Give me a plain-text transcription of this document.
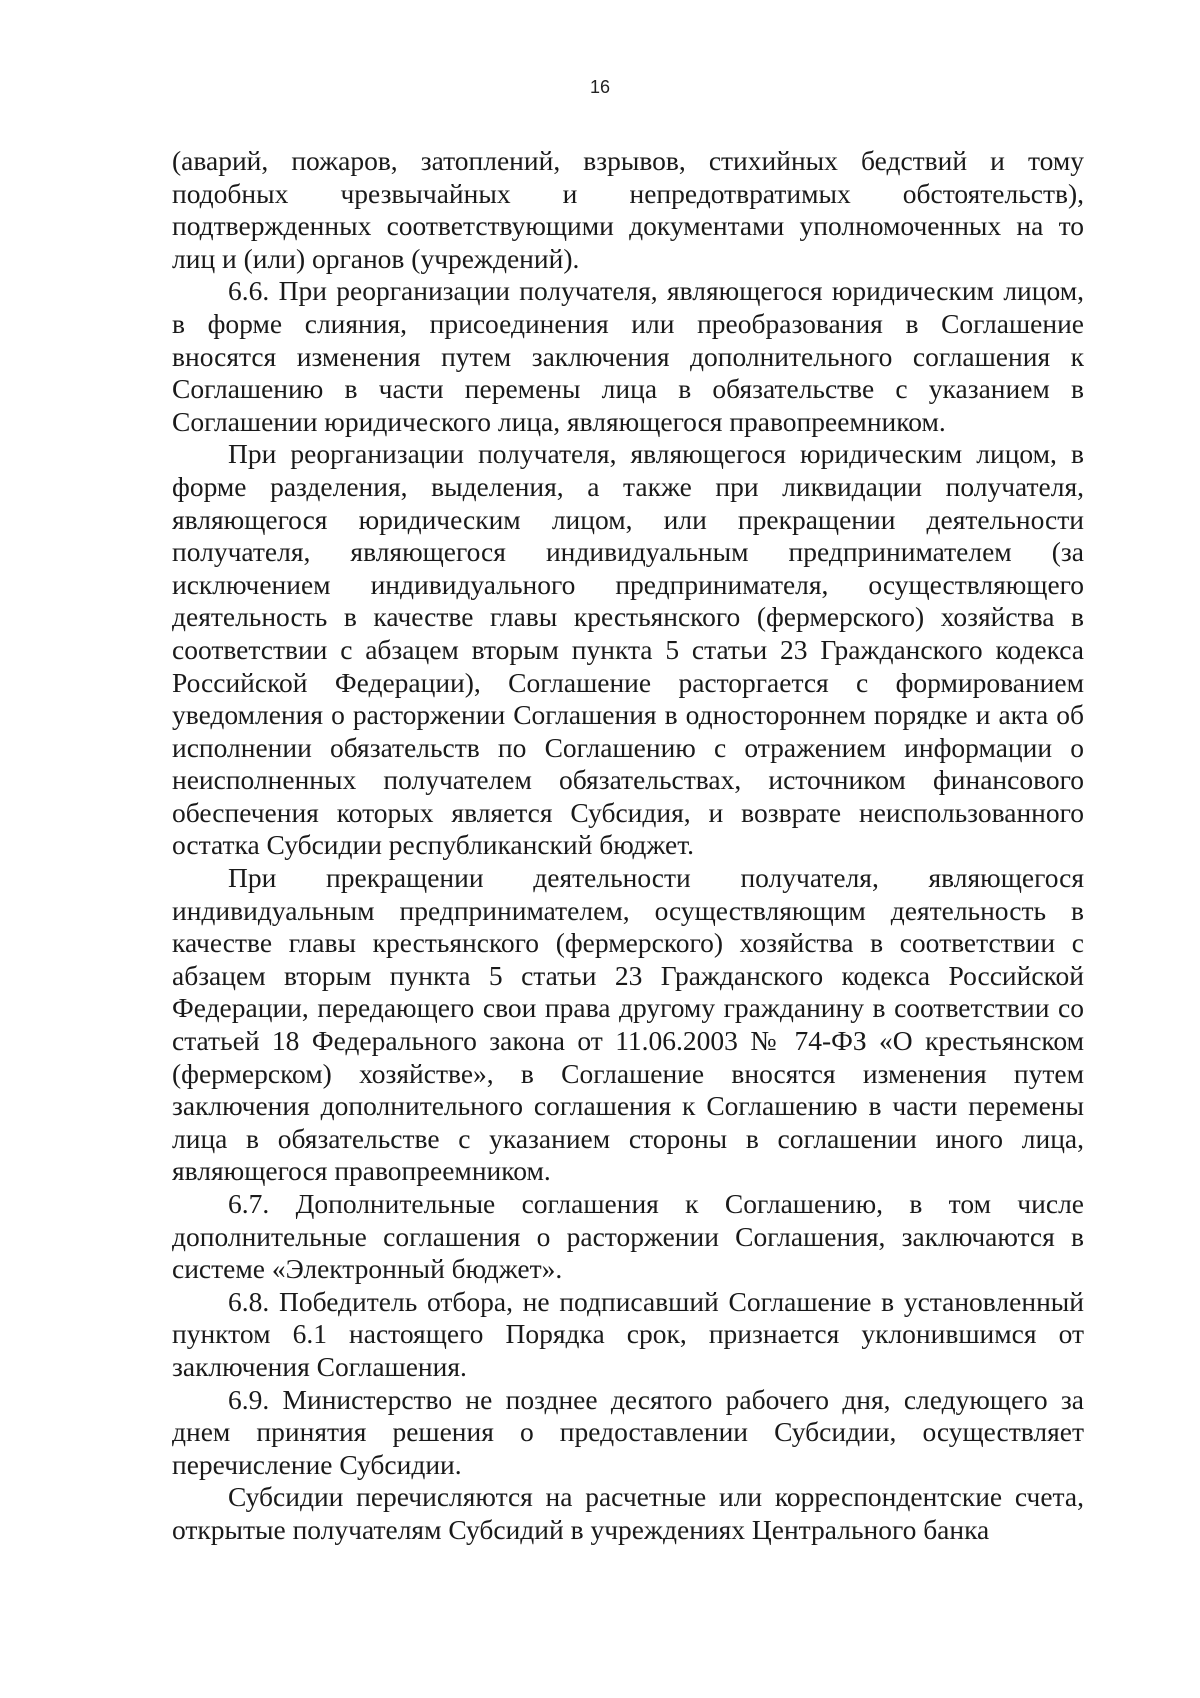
16

(аварий, пожаров, затоплений, взрывов, стихийных бедствий и тому подобных чрезвычайных и непредотвратимых обстоятельств), подтвержденных соответствующими документами уполномоченных на то лиц и (или) органов (учреждений).

6.6. При реорганизации получателя, являющегося юридическим лицом, в форме слияния, присоединения или преобразования в Соглашение вносятся изменения путем заключения дополнительного соглашения к Соглашению в части перемены лица в обязательстве с указанием в Соглашении юридического лица, являющегося правопреемником.

При реорганизации получателя, являющегося юридическим лицом, в форме разделения, выделения, а также при ликвидации получателя, являющегося юридическим лицом, или прекращении деятельности получателя, являющегося индивидуальным предпринимателем (за исключением индивидуального предпринимателя, осуществляющего деятельность в качестве главы крестьянского (фермерского) хозяйства в соответствии с абзацем вторым пункта 5 статьи 23 Гражданского кодекса Российской Федерации), Соглашение расторгается с формированием уведомления о расторжении Соглашения в одностороннем порядке и акта об исполнении обязательств по Соглашению с отражением информации о неисполненных получателем обязательствах, источником финансового обеспечения которых является Субсидия, и возврате неиспользованного остатка Субсидии республиканский бюджет.

При прекращении деятельности получателя, являющегося индивидуальным предпринимателем, осуществляющим деятельность в качестве главы крестьянского (фермерского) хозяйства в соответствии с абзацем вторым пункта 5 статьи 23 Гражданского кодекса Российской Федерации, передающего свои права другому гражданину в соответствии со статьей 18 Федерального закона от 11.06.2003 № 74-ФЗ «О крестьянском (фермерском) хозяйстве», в Соглашение вносятся изменения путем заключения дополнительного соглашения к Соглашению в части перемены лица в обязательстве с указанием стороны в соглашении иного лица, являющегося правопреемником.

6.7. Дополнительные соглашения к Соглашению, в том числе дополнительные соглашения о расторжении Соглашения, заключаются в системе «Электронный бюджет».

6.8. Победитель отбора, не подписавший Соглашение в установленный пунктом 6.1 настоящего Порядка срок, признается уклонившимся от заключения Соглашения.

6.9. Министерство не позднее десятого рабочего дня, следующего за днем принятия решения о предоставлении Субсидии, осуществляет перечисление Субсидии.

Субсидии перечисляются на расчетные или корреспондентские счета, открытые получателям Субсидий в учреждениях Центрального банка
